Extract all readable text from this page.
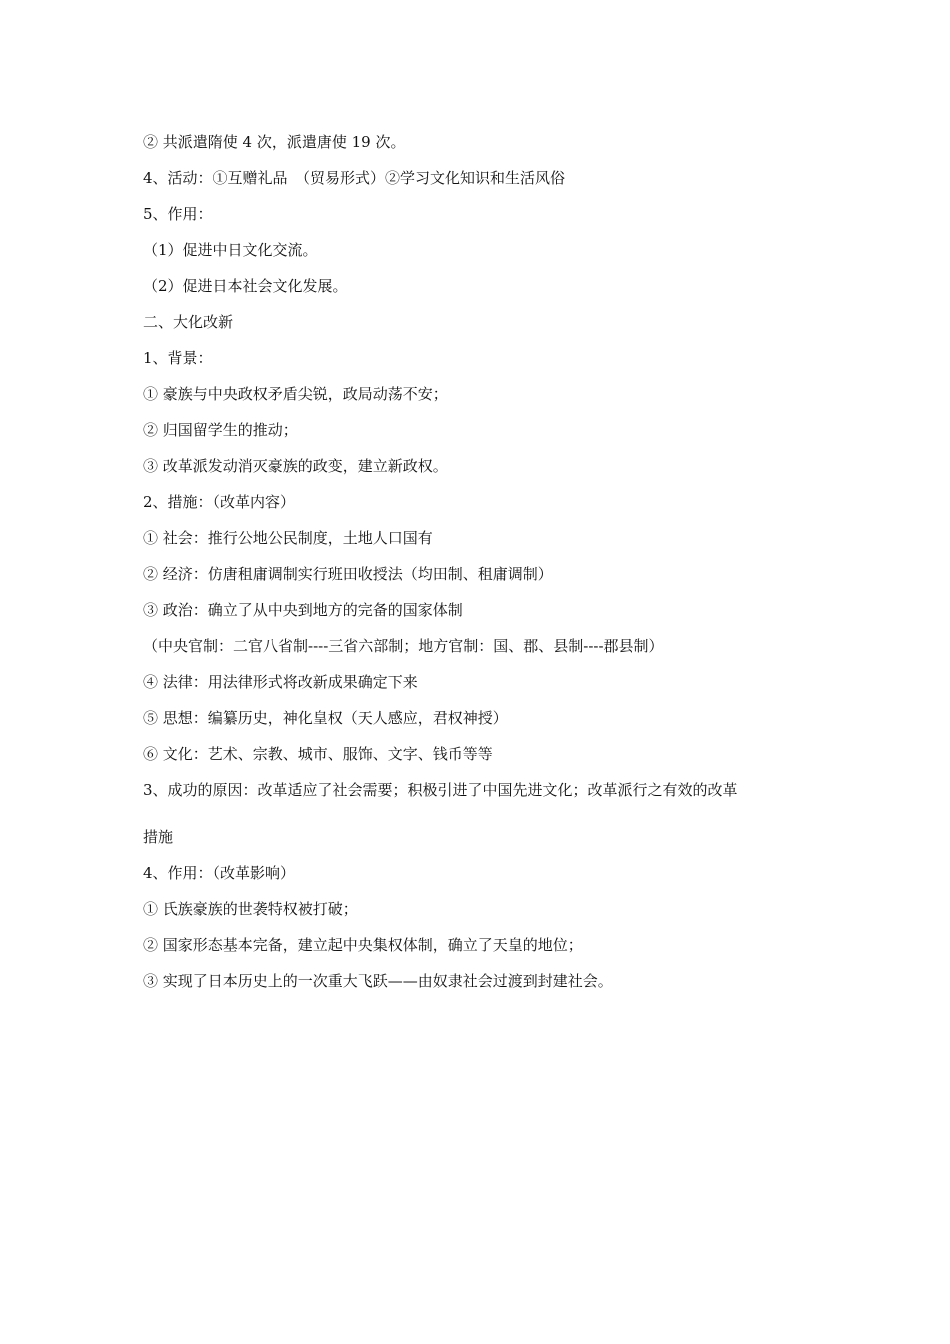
② 共派遣隋使 4 次，派遣唐使 19 次。
4、活动：①互赠礼品　（贸易形式）②学习文化知识和生活风俗
5、作用：
（1）促进中日文化交流。
（2）促进日本社会文化发展。
二、大化改新
1、背景：
① 豪族与中央政权矛盾尖锐，政局动荡不安；
② 归国留学生的推动；
③ 改革派发动消灭豪族的政变，建立新政权。
2、措施：（改革内容）
① 社会：推行公地公民制度，土地人口国有
② 经济：仿唐租庸调制实行班田收授法（均田制、租庸调制）
③ 政治：确立了从中央到地方的完备的国家体制
（中央官制：二官八省制----三省六部制；地方官制：国、郡、县制----郡县制）
④ 法律：用法律形式将改新成果确定下来
⑤ 思想：编纂历史，神化皇权（天人感应，君权神授）
⑥ 文化：艺术、宗教、城市、服饰、文字、钱币等等
3、成功的原因：改革适应了社会需要；积极引进了中国先进文化；改革派行之有效的改革
措施
4、作用：（改革影响）
① 氏族豪族的世袭特权被打破；
② 国家形态基本完备，建立起中央集权体制，确立了天皇的地位；
③ 实现了日本历史上的一次重大飞跃——由奴隶社会过渡到封建社会。
